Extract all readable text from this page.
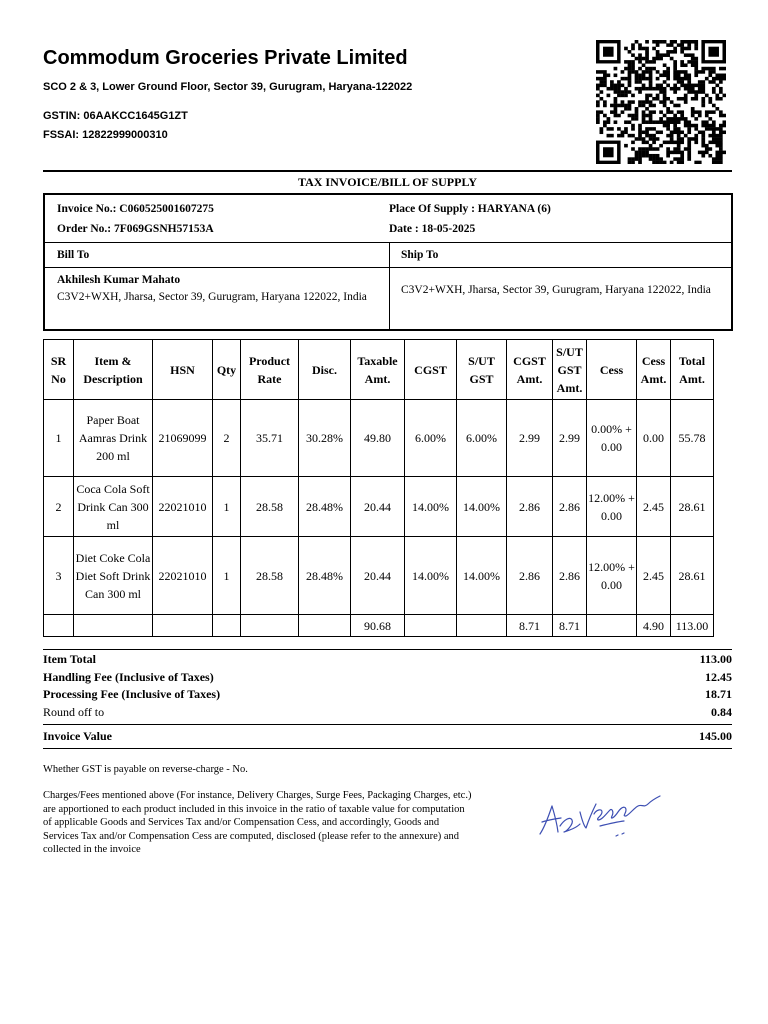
Commodum Groceries Private Limited
SCO 2 & 3, Lower Ground Floor, Sector 39, Gurugram, Haryana-122022
GSTIN: 06AAKCC1645G1ZT
FSSAI: 12822999000310
TAX INVOICE/BILL OF SUPPLY
Invoice No.: C060525001607275
Order No.: 7F069GSNH57153A
Place Of Supply : HARYANA (6)
Date : 18-05-2025
Bill To	Ship To
Akhilesh Kumar Mahato
C3V2+WXH, Jharsa, Sector 39, Gurugram, Haryana 122022, India
C3V2+WXH, Jharsa, Sector 39, Gurugram, Haryana 122022, India
SR No	Item & Description	HSN	Qty	Product Rate	Disc.	Taxable Amt.	CGST	S/UT GST	CGST Amt.	S/UT GST Amt.	Cess	Cess Amt.	Total Amt.
1	Paper Boat Aamras Drink 200 ml	21069099	2	35.71	30.28%	49.80	6.00%	6.00%	2.99	2.99	0.00% + 0.00	0.00	55.78
2	Coca Cola Soft Drink Can 300 ml	22021010	1	28.58	28.48%	20.44	14.00%	14.00%	2.86	2.86	12.00% + 0.00	2.45	28.61
3	Diet Coke Cola Diet Soft Drink Can 300 ml	22021010	1	28.58	28.48%	20.44	14.00%	14.00%	2.86	2.86	12.00% + 0.00	2.45	28.61
						90.68			8.71	8.71		4.90	113.00
Item Total	113.00
Handling Fee (Inclusive of Taxes)	12.45
Processing Fee (Inclusive of Taxes)	18.71
Round off to	0.84
Invoice Value	145.00
Whether GST is payable on reverse-charge - No.
Charges/Fees mentioned above (For instance, Delivery Charges, Surge Fees, Packaging Charges, etc.) are apportioned to each product included in this invoice in the ratio of taxable value for computation of applicable Goods and Services Tax and/or Compensation Cess, and accordingly, Goods and Services Tax and/or Compensation Cess are computed, disclosed (please refer to the annexure) and collected in the invoice
